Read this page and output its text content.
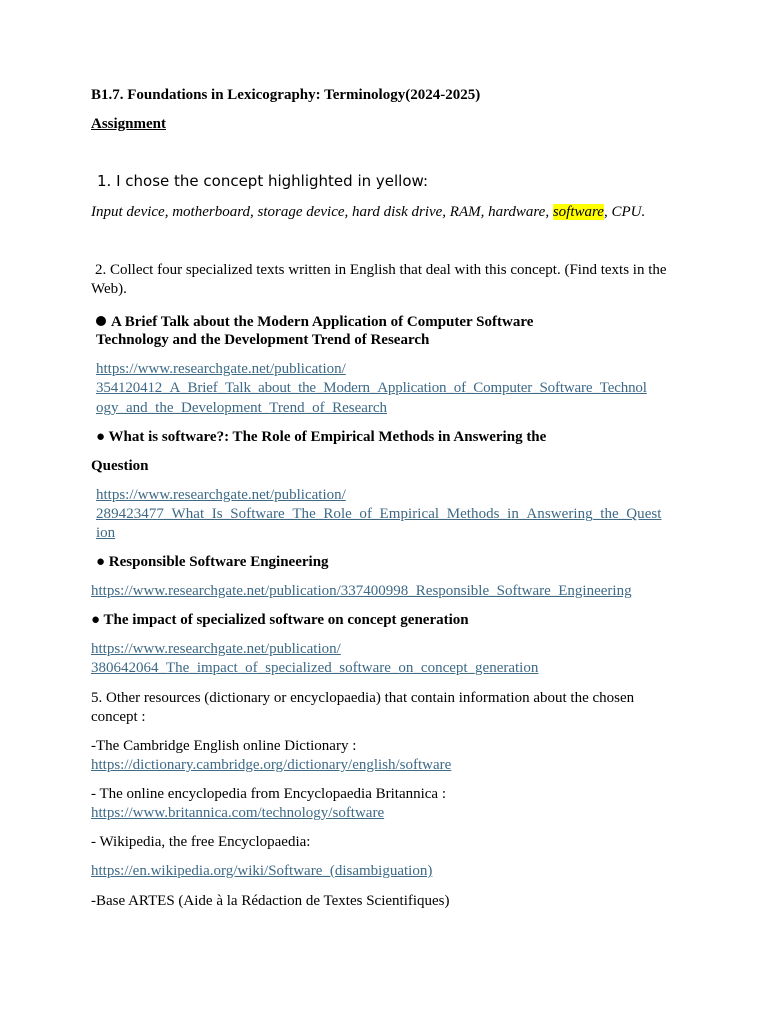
B1.7. Foundations in Lexicography: Terminology(2024-2025)
Assignment
1. I chose the concept highlighted in yellow:
Input device, motherboard, storage device, hard disk drive, RAM, hardware, software, CPU.
2. Collect four specialized texts written in English that deal with this concept. (Find texts in the Web).
A Brief Talk about the Modern Application of Computer Software
Technology and the Development Trend of Research
https://www.researchgate.net/publication/
354120412_A_Brief_Talk_about_the_Modern_Application_of_Computer_Software_Technol
ogy_and_the_Development_Trend_of_Research
● What is software?: The Role of Empirical Methods in Answering the
Question
https://www.researchgate.net/publication/
289423477_What_Is_Software_The_Role_of_Empirical_Methods_in_Answering_the_Quest
ion
● Responsible Software Engineering
https://www.researchgate.net/publication/337400998_Responsible_Software_Engineering
● The impact of specialized software on concept generation
https://www.researchgate.net/publication/
380642064_The_impact_of_specialized_software_on_concept_generation
5. Other resources (dictionary or encyclopaedia) that contain information about the chosen concept :
-The Cambridge English online Dictionary :
https://dictionary.cambridge.org/dictionary/english/software
- The online encyclopedia from Encyclopaedia Britannica :
https://www.britannica.com/technology/software
- Wikipedia, the free Encyclopaedia:
https://en.wikipedia.org/wiki/Software_(disambiguation)
-Base ARTES (Aide à la Rédaction de Textes Scientifiques)
